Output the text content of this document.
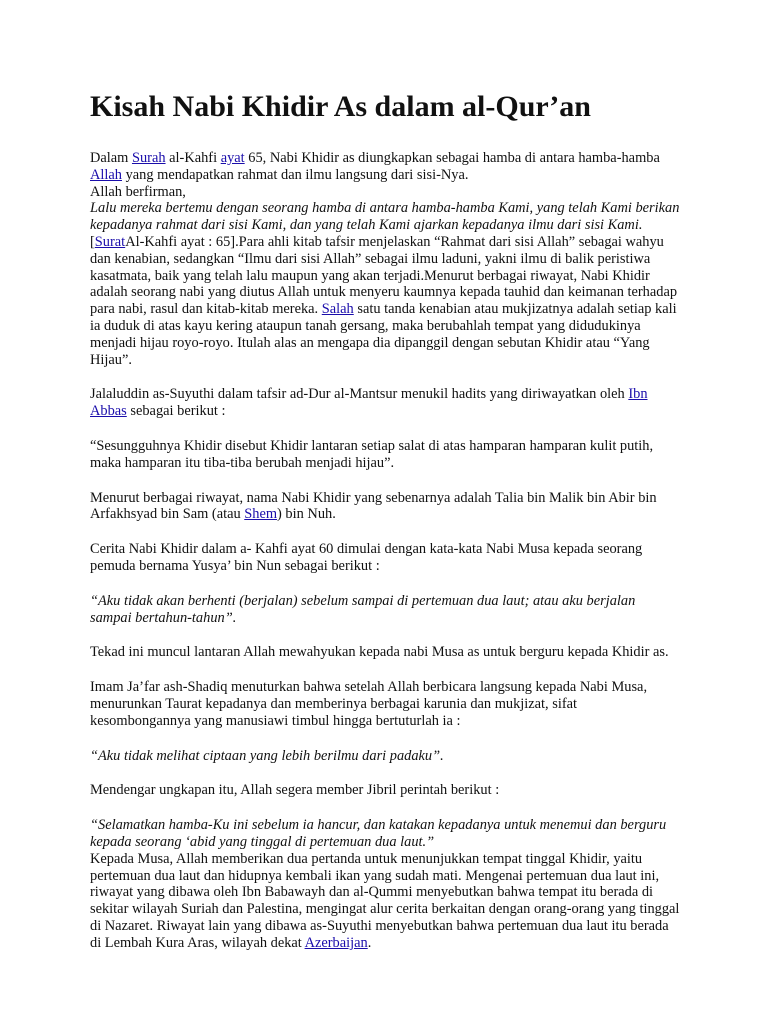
Kisah Nabi Khidir As dalam al-Qur’an

Dalam Surah al-Kahfi ayat 65, Nabi Khidir as diungkapkan sebagai hamba di antara hamba-hamba Allah yang mendapatkan rahmat dan ilmu langsung dari sisi-Nya.

Allah berfirman,

Lalu mereka bertemu dengan seorang hamba di antara hamba-hamba Kami, yang telah Kami berikan kepadanya rahmat dari sisi Kami, dan yang telah Kami ajarkan kepadanya ilmu dari sisi Kami.[SuratAl-Kahfi ayat : 65].Para ahli kitab tafsir menjelaskan “Rahmat dari sisi Allah” sebagai wahyu dan kenabian, sedangkan “Ilmu dari sisi Allah” sebagai ilmu laduni, yakni ilmu di balik peristiwa kasatmata, baik yang telah lalu maupun yang akan terjadi.Menurut berbagai riwayat, Nabi Khidir adalah seorang nabi yang diutus Allah untuk menyeru kaumnya kepada tauhid dan keimanan terhadap para nabi, rasul dan kitab-kitab mereka. Salah satu tanda kenabian atau mukjizatnya adalah setiap kali ia duduk di atas kayu kering ataupun tanah gersang, maka berubahlah tempat yang didudukinya menjadi hijau royo-royo. Itulah alas an mengapa dia dipanggil dengan sebutan Khidir atau “Yang Hijau”.

Jalaluddin as-Suyuthi dalam tafsir ad-Dur al-Mantsur menukil hadits yang diriwayatkan oleh Ibn Abbas sebagai berikut :

“Sesungguhnya Khidir disebut Khidir lantaran setiap salat di atas hamparan hamparan kulit putih, maka hamparan itu tiba-tiba berubah menjadi hijau”.

Menurut berbagai riwayat, nama Nabi Khidir yang sebenarnya adalah Talia bin Malik bin Abir bin Arfakhsyad bin Sam (atau Shem) bin Nuh.

Cerita Nabi Khidir dalam a- Kahfi ayat 60 dimulai dengan kata-kata Nabi Musa kepada seorang pemuda bernama Yusya’ bin Nun sebagai berikut :

“Aku tidak akan berhenti (berjalan) sebelum sampai di pertemuan dua laut; atau aku berjalan sampai bertahun-tahun”.

Tekad ini muncul lantaran Allah mewahyukan kepada nabi Musa as untuk berguru kepada Khidir as.

Imam Ja’far ash-Shadiq menuturkan bahwa setelah Allah berbicara langsung kepada Nabi Musa, menurunkan Taurat kepadanya dan memberinya berbagai karunia dan mukjizat, sifat kesombongannya yang manusiawi timbul hingga bertuturlah ia :

“Aku tidak melihat ciptaan yang lebih berilmu dari padaku”.

Mendengar ungkapan itu, Allah segera member Jibril perintah berikut :

“Selamatkan hamba-Ku ini sebelum ia hancur, dan katakan kepadanya untuk menemui dan berguru kepada seorang ‘abid yang tinggal di pertemuan dua laut.”

Kepada Musa, Allah memberikan dua pertanda untuk menunjukkan tempat tinggal Khidir, yaitu pertemuan dua laut dan hidupnya kembali ikan yang sudah mati. Mengenai pertemuan dua laut ini, riwayat yang dibawa oleh Ibn Babawayh dan al-Qummi menyebutkan bahwa tempat itu berada di sekitar wilayah Suriah dan Palestina, mengingat alur cerita berkaitan dengan orang-orang yang tinggal di Nazaret. Riwayat lain yang dibawa as-Suyuthi menyebutkan bahwa pertemuan dua laut itu berada di Lembah Kura Aras, wilayah dekat Azerbaijan.
